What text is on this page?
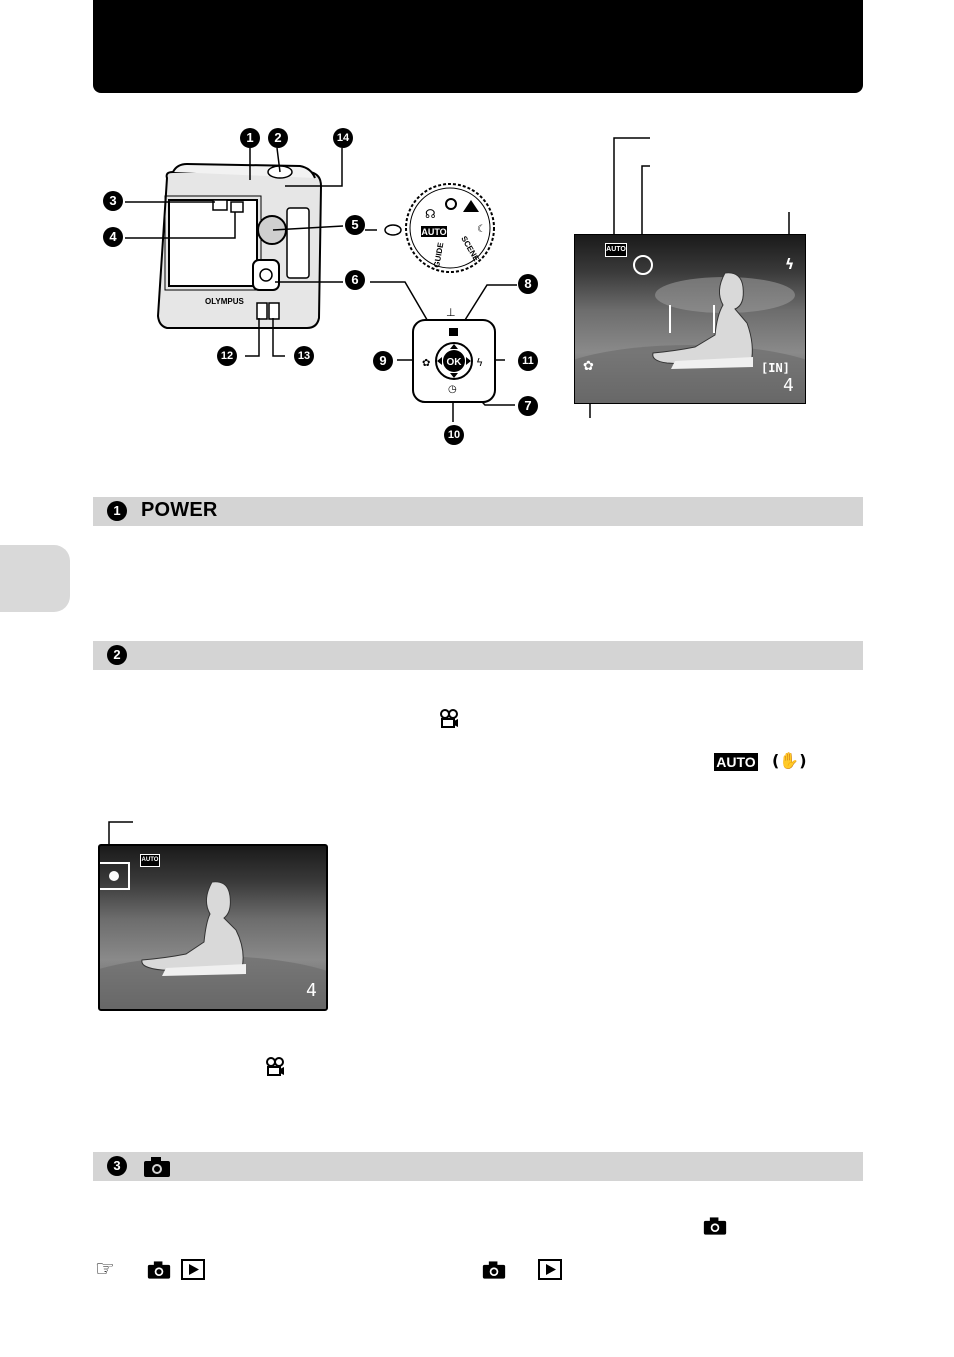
OLYMPUS
AUTO
GUIDE SCENE
☊
☾
OK
✿	ϟ
◷
⊥
1	2	14
3
4
5
6	8
9	11
7
10
12	13
AUTO
ϟ
✿	[IN]
4
1	POWER
2
AUTO (✋)
AUTO
4
3
☞
